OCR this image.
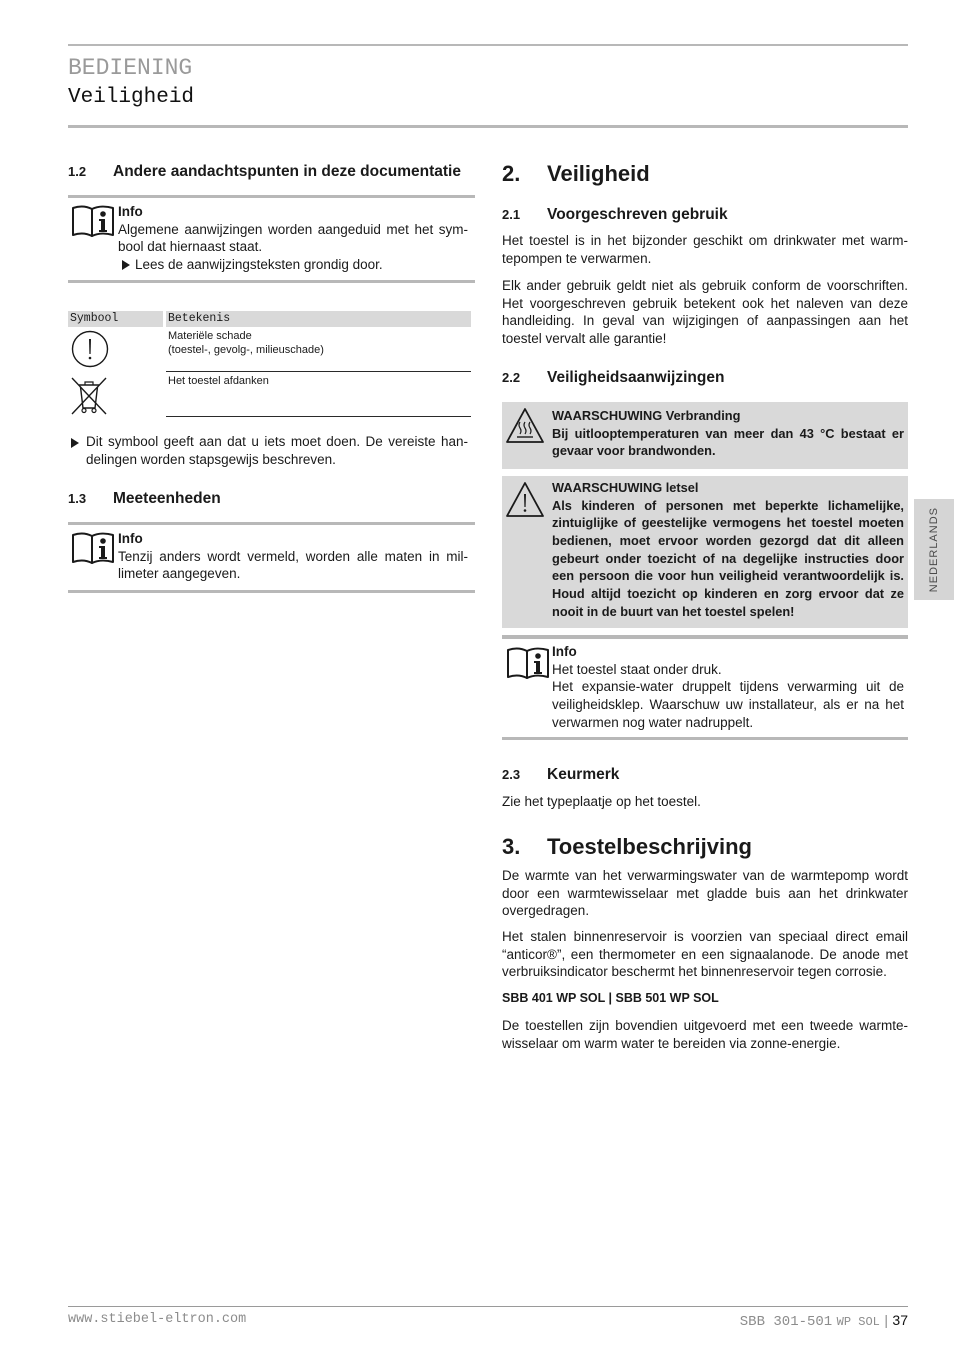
BEDIENING
Veiligheid
1.2 Andere aandachtspunten in deze documentatie
Info
Algemene aanwijzingen worden aangeduid met het sym-
bool dat hiernaast staat.
Lees de aanwijzingsteksten grondig door.
Symbool	Betekenis
Materiële schade
(toestel-, gevolg-, milieuschade)
Het toestel afdanken
Dit symbool geeft aan dat u iets moet doen. De vereiste han-
delingen worden stapsgewijs beschreven.
1.3 Meeteenheden
Info
Tenzij anders wordt vermeld, worden alle maten in mil-
limeter aangegeven.
2. Veiligheid
2.1 Voorgeschreven gebruik
Het toestel is in het bijzonder geschikt om drinkwater met warm-
tepompen te verwarmen.
Elk ander gebruik geldt niet als gebruik conform de voorschriften.
Het voorgeschreven gebruik betekent ook het naleven van deze
handleiding. In geval van wijzigingen of aanpassingen aan het
toestel vervalt alle garantie!
2.2 Veiligheidsaanwijzingen
WAARSCHUWING Verbranding
Bij uitlooptemperaturen van meer dan 43 °C bestaat er
gevaar voor brandwonden.
WAARSCHUWING letsel
Als kinderen of personen met beperkte lichamelijke,
zintuiglijke of geestelijke vermogens het toestel moeten
bedienen, moet ervoor worden gezorgd dat dit alleen
gebeurt onder toezicht of na degelijke instructies door
een persoon die voor hun veiligheid verantwoordelijk is.
Houd altijd toezicht op kinderen en zorg ervoor dat ze
nooit in de buurt van het toestel spelen!
Info
Het toestel staat onder druk.
Het expansie-water druppelt tijdens verwarming uit de
veiligheidsklep. Waarschuw uw installateur, als er na het
verwarmen nog water nadruppelt.
2.3 Keurmerk
Zie het typeplaatje op het toestel.
3. Toestelbeschrijving
De warmte van het verwarmingswater van de warmtepomp wordt
door een warmtewisselaar met gladde buis aan het drinkwater
overgedragen.
Het stalen binnenreservoir is voorzien van speciaal direct email
“anticor®”, een thermometer en een signaalanode. De anode met
verbruiksindicator beschermt het binnenreservoir tegen corrosie.
SBB 401 WP SOL | SBB 501 WP SOL
De toestellen zijn bovendien uitgevoerd met een tweede warmte-
wisselaar om warm water te bereiden via zonne-energie.
NEDERLANDS
www.stiebel-eltron.com	SBB 301-501 WP SOL | 37
